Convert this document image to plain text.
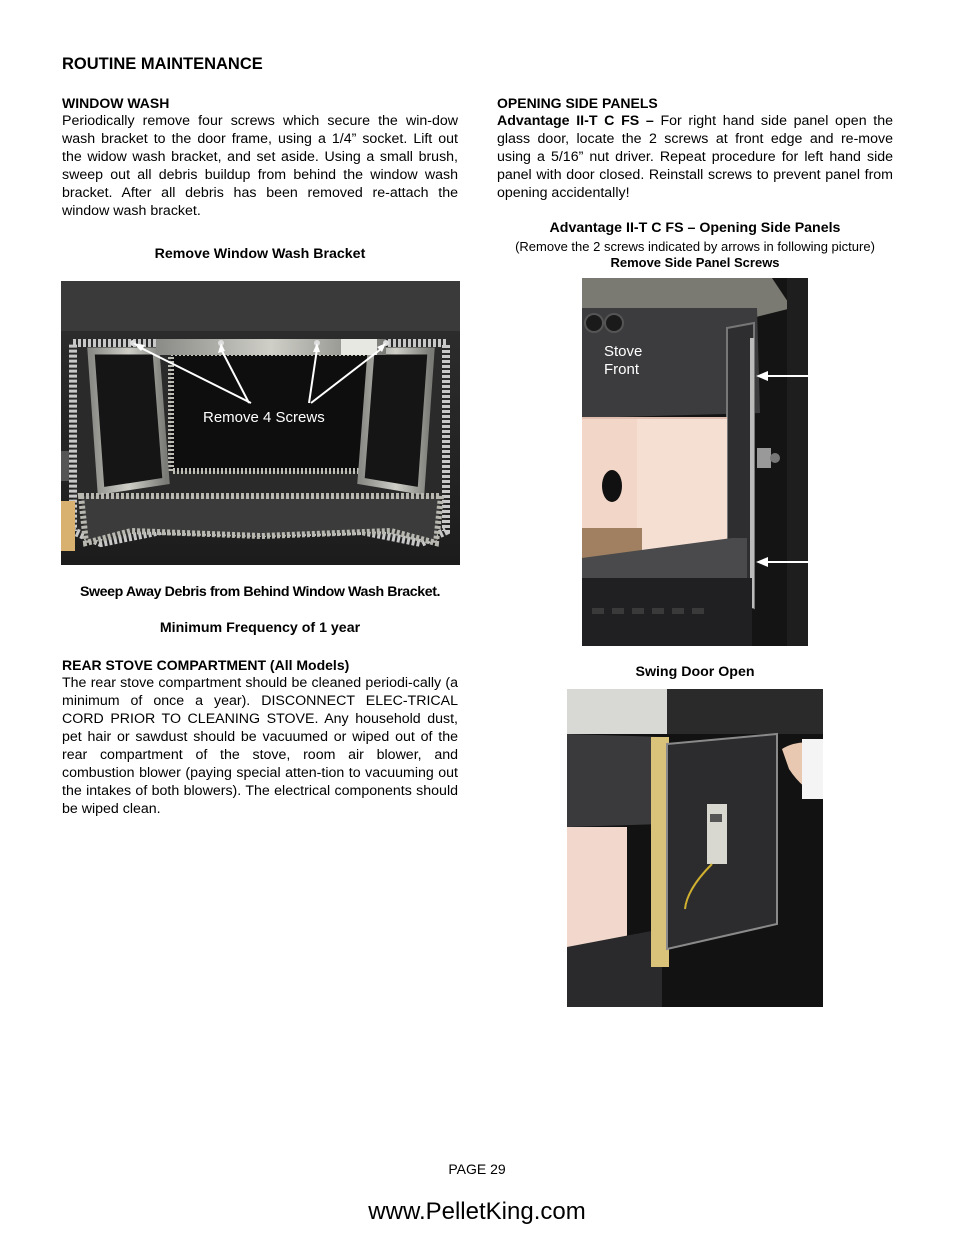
ROUTINE MAINTENANCE
WINDOW WASH

Periodically remove four screws which secure the win-dow wash bracket to the door frame, using a 1/4” socket. Lift out the widow wash bracket, and set aside. Using a small brush, sweep out all debris buildup from behind the window wash bracket. After all debris has been removed re-attach the window wash bracket.

Remove Window Wash Bracket
Remove 4 Screws
Sweep Away Debris from Behind Window Wash Bracket.
Minimum Frequency of 1 year
REAR STOVE COMPARTMENT (All Models)

The rear stove compartment should be cleaned periodi-cally (a minimum of once a year). DISCONNECT ELEC-TRICAL CORD PRIOR TO CLEANING STOVE. Any household dust, pet hair or sawdust should be vacuumed or wiped out of the rear compartment of the stove, room air blower, and combustion blower (paying special atten-tion to vacuuming out the intakes of both blowers). The electrical components should be wiped clean.

OPENING SIDE PANELS

Advantage II-T C FS – For right hand side panel open the glass door, locate the 2 screws at front edge and re-move using a 5/16” nut driver. Repeat procedure for left hand side panel with door closed. Reinstall screws to prevent panel from opening accidentally!

Advantage II-T C FS – Opening Side Panels
(Remove the 2 screws indicated by arrows in following picture)
Remove Side Panel Screws
Stove
Front
Swing Door Open
PAGE 29
www.PelletKing.com
